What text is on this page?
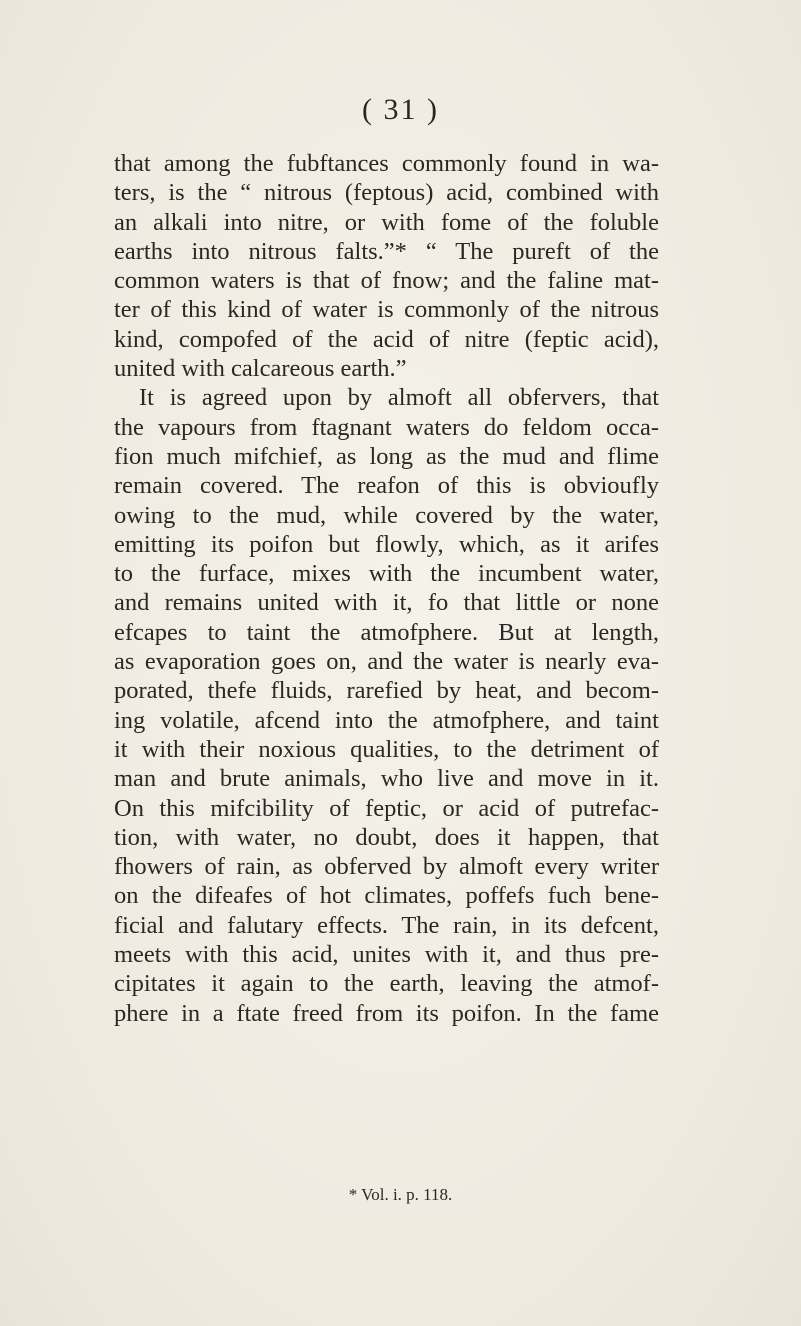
( 31 )
that among the fubftances commonly found in wa-
ters, is the “ nitrous (feptous) acid, combined with
an alkali into nitre, or with fome of the foluble
earths into nitrous falts.”* “ The pureft of the
common waters is that of fnow; and the faline mat-
ter of this kind of water is commonly of the nitrous
kind, compofed of the acid of nitre (feptic acid),
united with calcareous earth.”
It is agreed upon by almoft all obfervers, that
the vapours from ftagnant waters do feldom occa-
fion much mifchief, as long as the mud and flime
remain covered. The reafon of this is obvioufly
owing to the mud, while covered by the water,
emitting its poifon but flowly, which, as it arifes
to the furface, mixes with the incumbent water,
and remains united with it, fo that little or none
efcapes to taint the atmofphere. But at length,
as evaporation goes on, and the water is nearly eva-
porated, thefe fluids, rarefied by heat, and becom-
ing volatile, afcend into the atmofphere, and taint
it with their noxious qualities, to the detriment of
man and brute animals, who live and move in it.
On this mifcibility of feptic, or acid of putrefac-
tion, with water, no doubt, does it happen, that
fhowers of rain, as obferved by almoft every writer
on the difeafes of hot climates, poffefs fuch bene-
ficial and falutary effects. The rain, in its defcent,
meets with this acid, unites with it, and thus pre-
cipitates it again to the earth, leaving the atmof-
phere in a ftate freed from its poifon. In the fame
* Vol. i. p. 118.
